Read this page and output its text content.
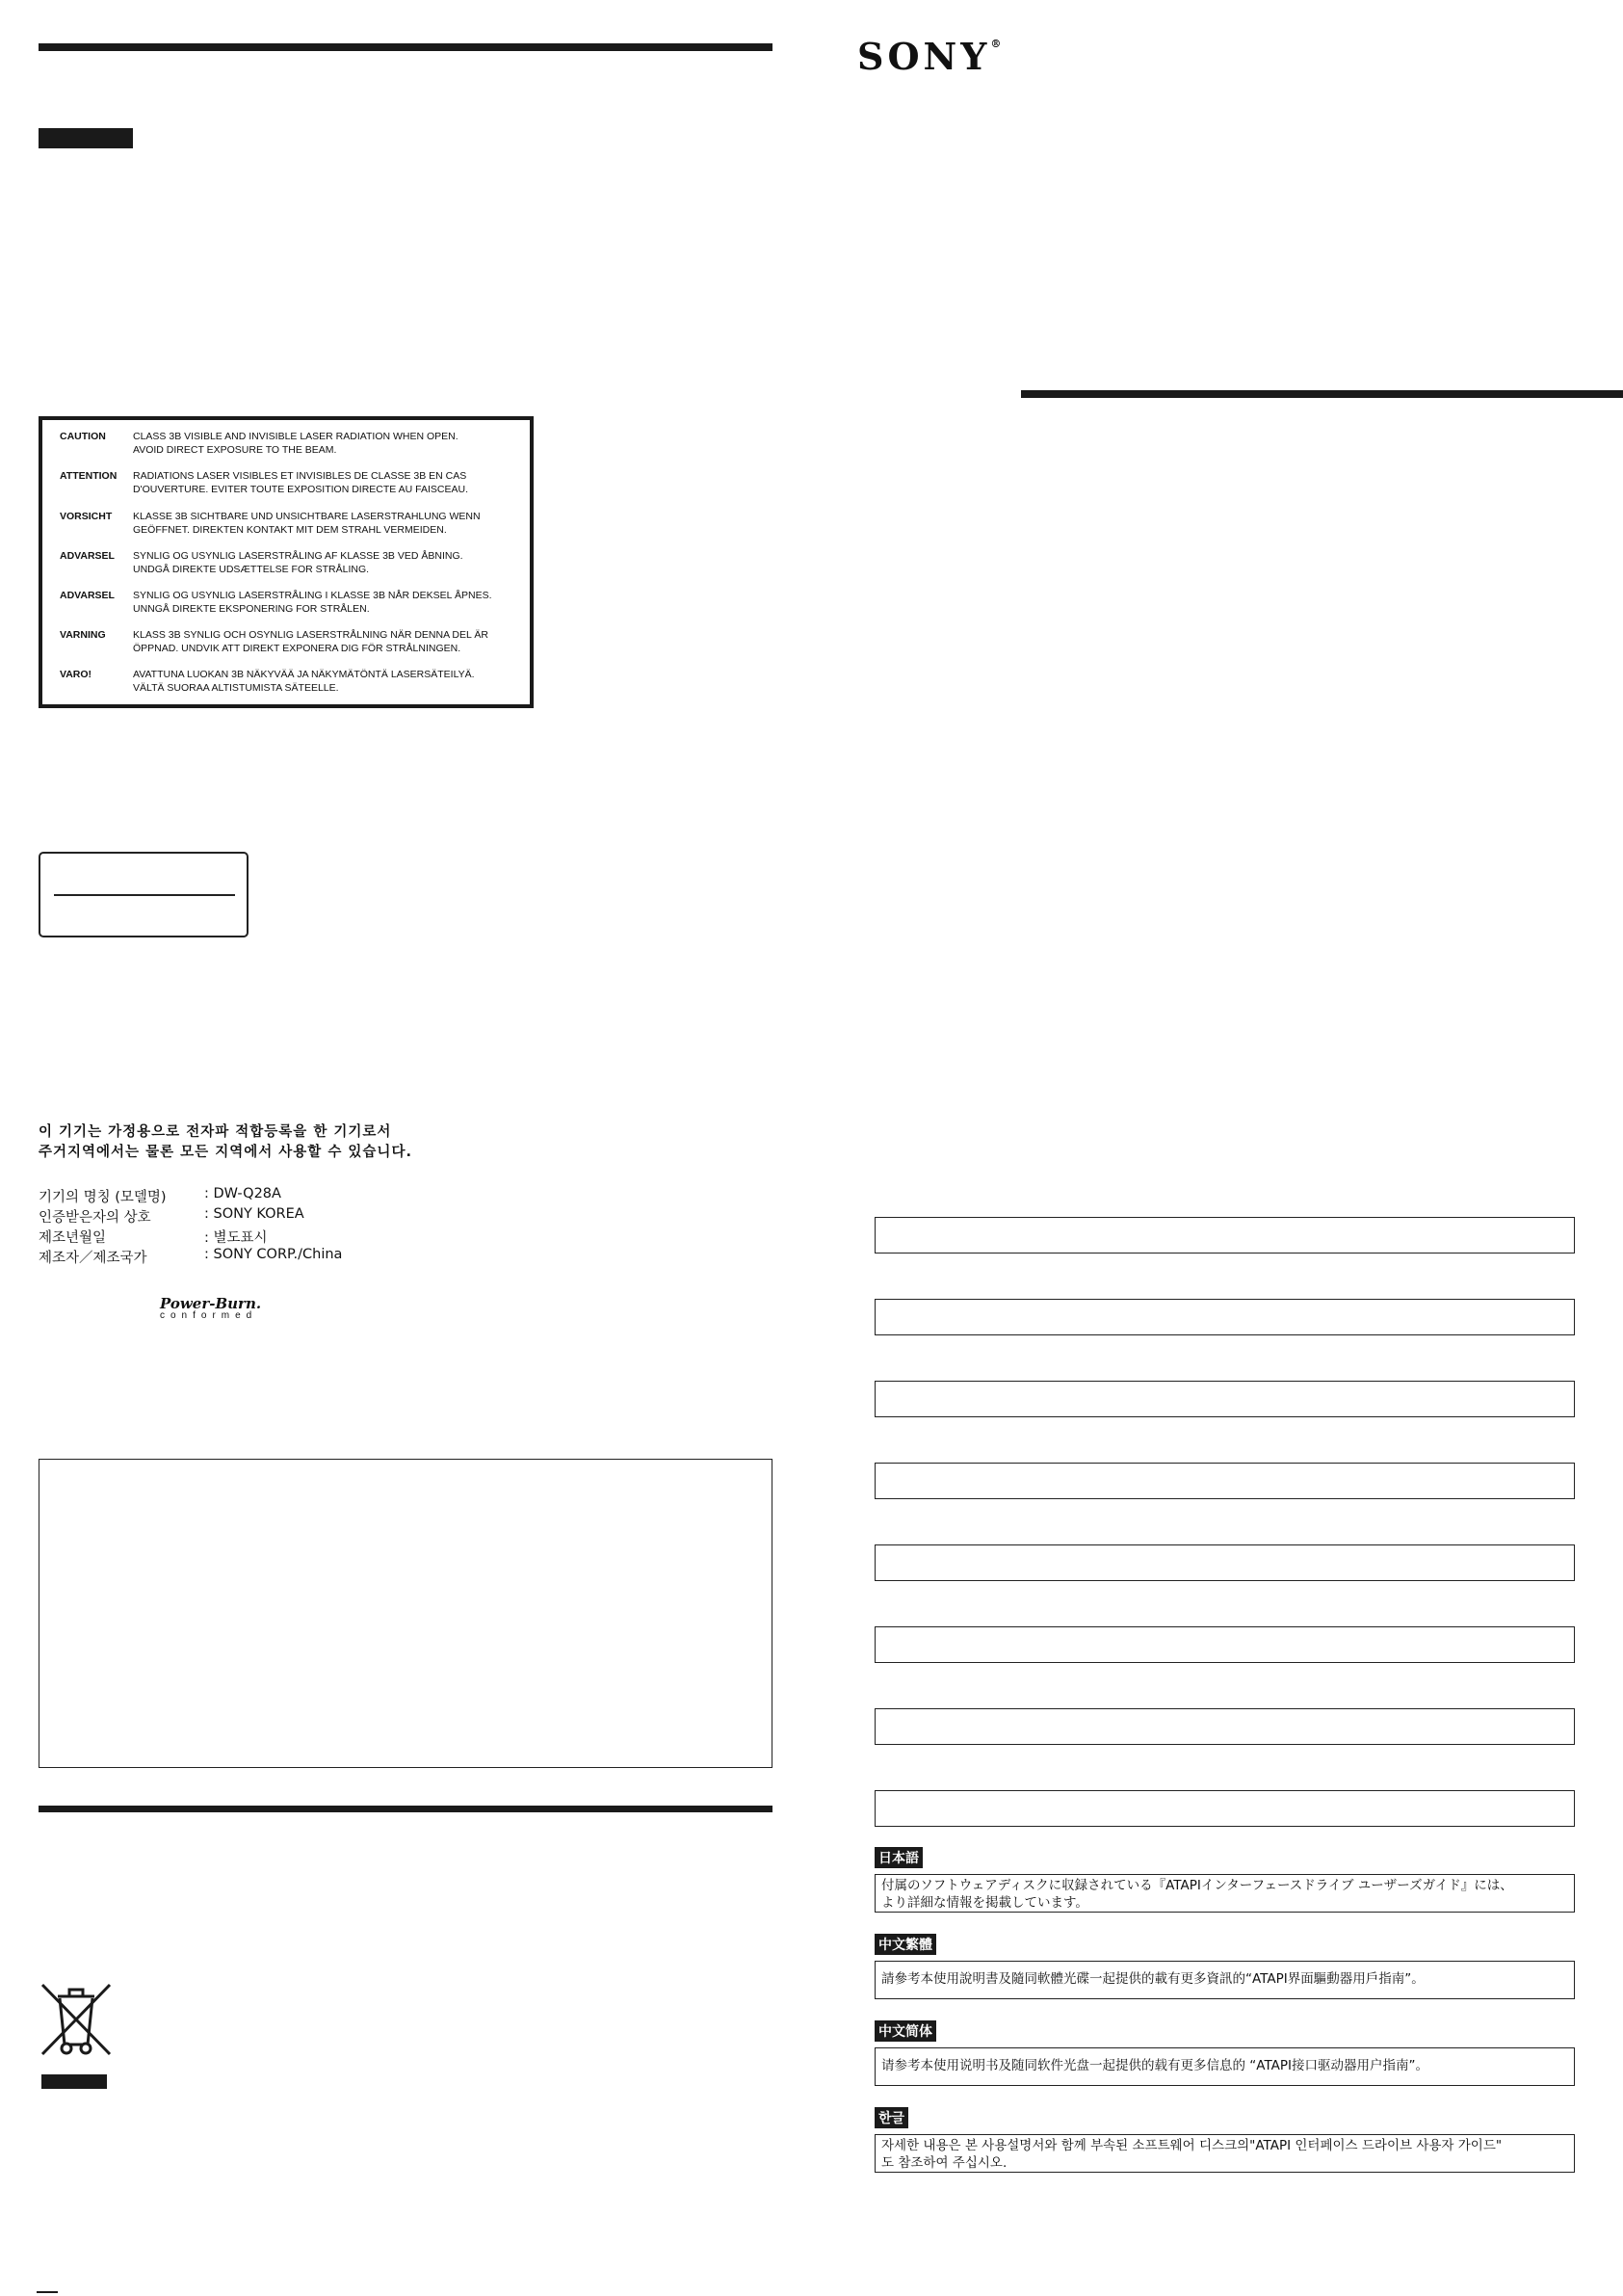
CAUTION	CLASS 3B VISIBLE AND INVISIBLE LASER RADIATION WHEN OPEN.
AVOID DIRECT EXPOSURE TO THE BEAM.
ATTENTION	RADIATIONS LASER VISIBLES ET INVISIBLES DE CLASSE 3B EN CAS
D'OUVERTURE. EVITER TOUTE EXPOSITION DIRECTE AU FAISCEAU.
VORSICHT	KLASSE 3B SICHTBARE UND UNSICHTBARE LASERSTRAHLUNG WENN
GEÖFFNET. DIREKTEN KONTAKT MIT DEM STRAHL VERMEIDEN.
ADVARSEL	SYNLIG OG USYNLIG LASERSTRÅLING AF KLASSE 3B VED ÅBNING.
UNDGÅ DIREKTE UDSÆTTELSE FOR STRÅLING.
ADVARSEL	SYNLIG OG USYNLIG LASERSTRÅLING I KLASSE 3B NÅR DEKSEL ÅPNES.
UNNGÅ DIREKTE EKSPONERING FOR STRÅLEN.
VARNING	KLASS 3B SYNLIG OCH OSYNLIG LASERSTRÅLNING NÄR DENNA DEL ÄR
ÖPPNAD. UNDVIK ATT DIREKT EXPONERA DIG FÖR STRÅLNINGEN.
VARO!	AVATTUNA LUOKAN 3B NÄKYVÄÄ JA NÄKYMÄTÖNTÄ LASERSÄTEILYÄ.
VÄLTÄ SUORAA ALTISTUMISTA SÄTEELLE.
이 기기는 가정용으로 전자파 적합등록을 한 기기로서
주거지역에서는 물론 모든 지역에서 사용할 수 있습니다.
기기의 명칭 (모델명)	: DW-Q28A
인증받은자의 상호	: SONY KOREA
제조년월일	: 별도표시
제조자／제조국가	: SONY CORP./China
Power-Burn.
conformed
SONY®
日本語
付属のソフトウェアディスクに収録されている『ATAPIインターフェースドライブ ユーザーズガイド』には、
より詳細な情報を掲載しています。
中文繁體
請參考本使用說明書及隨同軟體光碟一起提供的載有更多資訊的“ATAPI界面驅動器用戶指南”。
中文简体
请参考本使用说明书及随同软件光盘一起提供的载有更多信息的 “ATAPI接口驱动器用户指南”。
한글
자세한 내용은 본 사용설명서와 함께 부속된 소프트웨어 디스크의"ATAPI 인터페이스 드라이브 사용자 가이드"
도 참조하여 주십시오.
